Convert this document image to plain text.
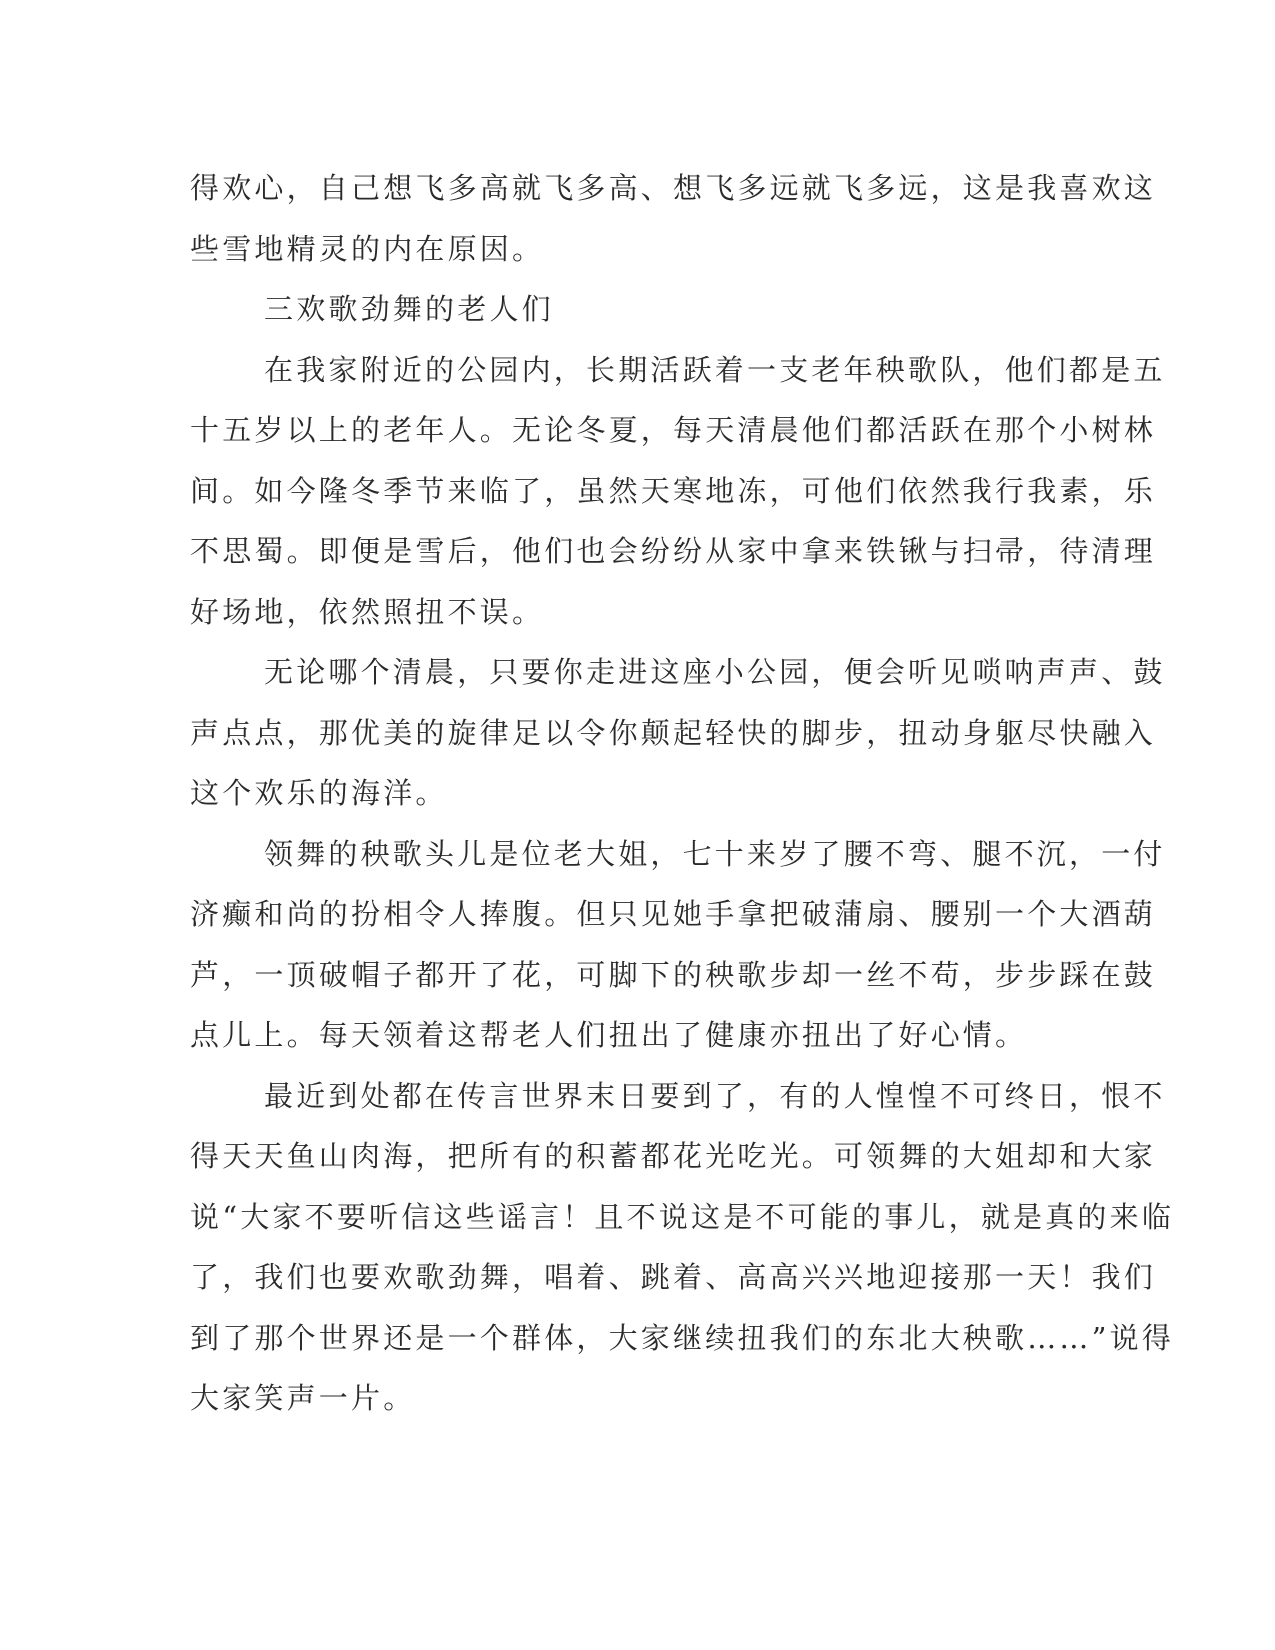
得欢心，自己想飞多高就飞多高、想飞多远就飞多远，这是我喜欢这
些雪地精灵的内在原因。
三欢歌劲舞的老人们
在我家附近的公园内，长期活跃着一支老年秧歌队，他们都是五
十五岁以上的老年人。无论冬夏，每天清晨他们都活跃在那个小树林
间。如今隆冬季节来临了，虽然天寒地冻，可他们依然我行我素，乐
不思蜀。即便是雪后，他们也会纷纷从家中拿来铁锹与扫帚，待清理
好场地，依然照扭不误。
无论哪个清晨，只要你走进这座小公园，便会听见唢呐声声、鼓
声点点，那优美的旋律足以令你颠起轻快的脚步，扭动身躯尽快融入
这个欢乐的海洋。
领舞的秧歌头儿是位老大姐，七十来岁了腰不弯、腿不沉，一付
济癫和尚的扮相令人捧腹。但只见她手拿把破蒲扇、腰别一个大酒葫
芦，一顶破帽子都开了花，可脚下的秧歌步却一丝不苟，步步踩在鼓
点儿上。每天领着这帮老人们扭出了健康亦扭出了好心情。
最近到处都在传言世界末日要到了，有的人惶惶不可终日，恨不
得天天鱼山肉海，把所有的积蓄都花光吃光。可领舞的大姐却和大家
说“大家不要听信这些谣言！且不说这是不可能的事儿，就是真的来临
了，我们也要欢歌劲舞，唱着、跳着、高高兴兴地迎接那一天！我们
到了那个世界还是一个群体，大家继续扭我们的东北大秧歌……”说得
大家笑声一片。
